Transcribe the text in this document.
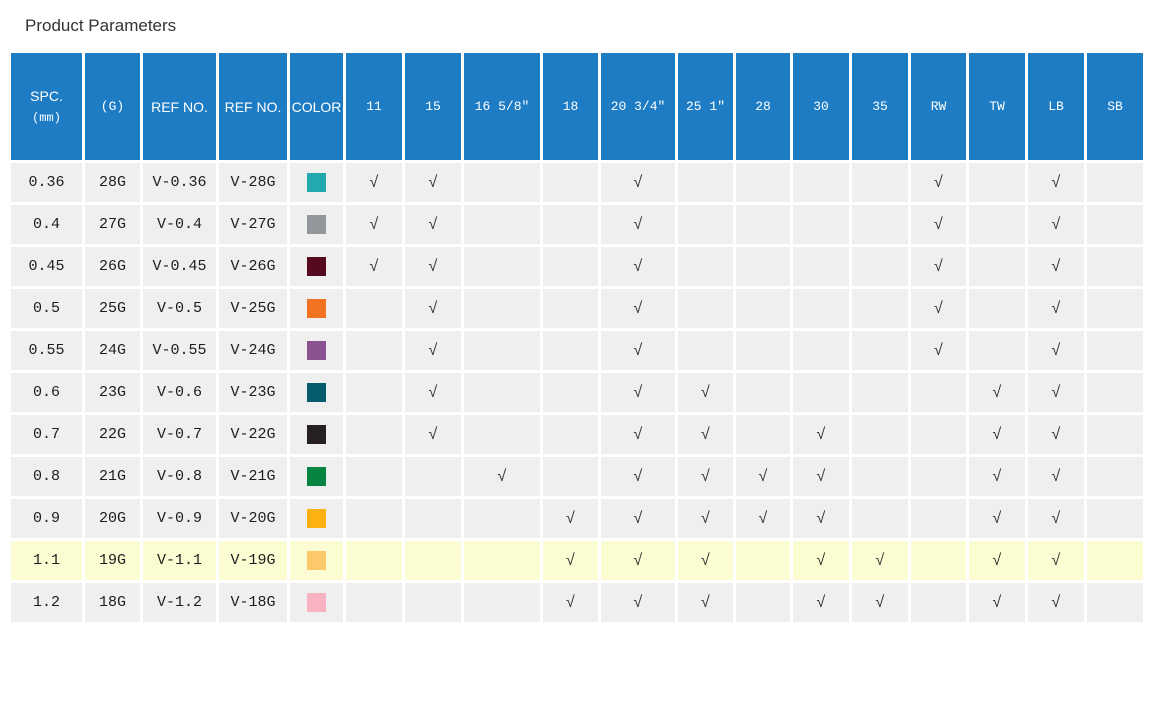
Product Parameters
SPC.
(mm)	(G)	REF NO.	REF NO.	COLOR	11	15	16 5/8″	18	20 3/4″	25 1″	28	30	35	RW	TW	LB	SB
0.36	28G	V-0.36	V-28G		√	√			√					√		√	
0.4	27G	V-0.4	V-27G		√	√			√					√		√	
0.45	26G	V-0.45	V-26G		√	√			√					√		√	
0.5	25G	V-0.5	V-25G			√			√					√		√	
0.55	24G	V-0.55	V-24G			√			√					√		√	
0.6	23G	V-0.6	V-23G			√			√	√					√	√	
0.7	22G	V-0.7	V-22G			√			√	√		√			√	√	
0.8	21G	V-0.8	V-21G				√		√	√	√	√			√	√	
0.9	20G	V-0.9	V-20G					√	√	√	√	√			√	√	
1.1	19G	V-1.1	V-19G					√	√	√		√	√		√	√	
1.2	18G	V-1.2	V-18G					√	√	√		√	√		√	√	
